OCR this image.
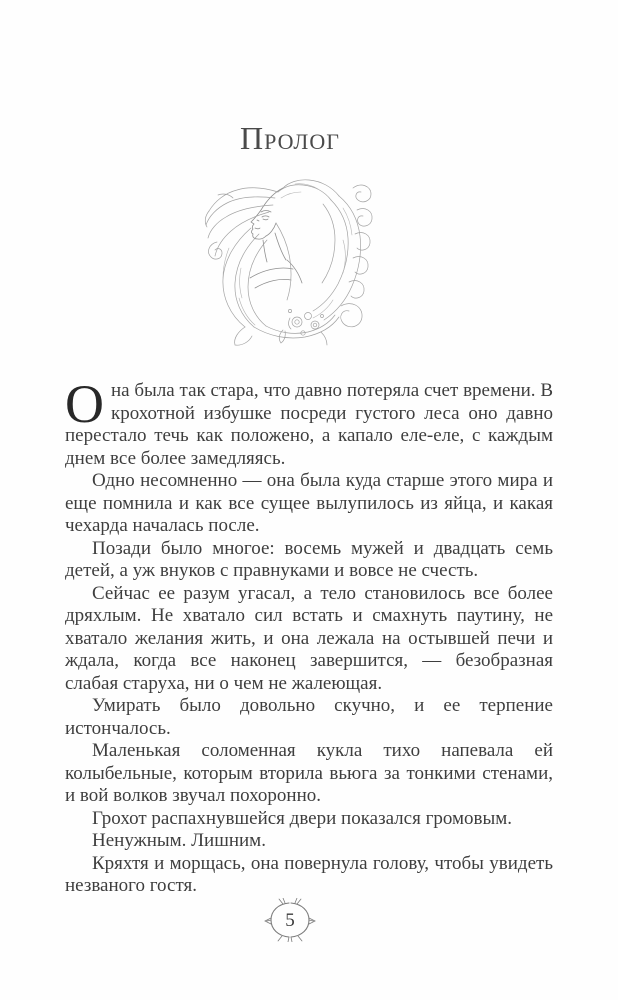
ПРОЛОГ

Она была так стара, что давно потеряла счет времени. В крохотной избушке посреди густого леса оно давно перестало течь как положено, а капало еле-еле, с каждым днем все более замедляясь.

Одно несомненно — она была куда старше этого мира и еще помнила и как все сущее вылупилось из яйца, и какая чехарда началась после.

Позади было многое: восемь мужей и двадцать семь детей, а уж внуков с правнуками и вовсе не счесть.

Сейчас ее разум угасал, а тело становилось все более дряхлым. Не хватало сил встать и смахнуть паутину, не хватало желания жить, и она лежала на остывшей печи и ждала, когда все наконец завершится, — безобразная слабая старуха, ни о чем не жалеющая.

Умирать было довольно скучно, и ее терпение истончалось.

Маленькая соломенная кукла тихо напевала ей колыбельные, которым вторила вьюга за тонкими стенами, и вой волков звучал похоронно.

Грохот распахнувшейся двери показался громовым.

Ненужным. Лишним.

Кряхтя и морщась, она повернула голову, чтобы увидеть незваного гостя.

5
